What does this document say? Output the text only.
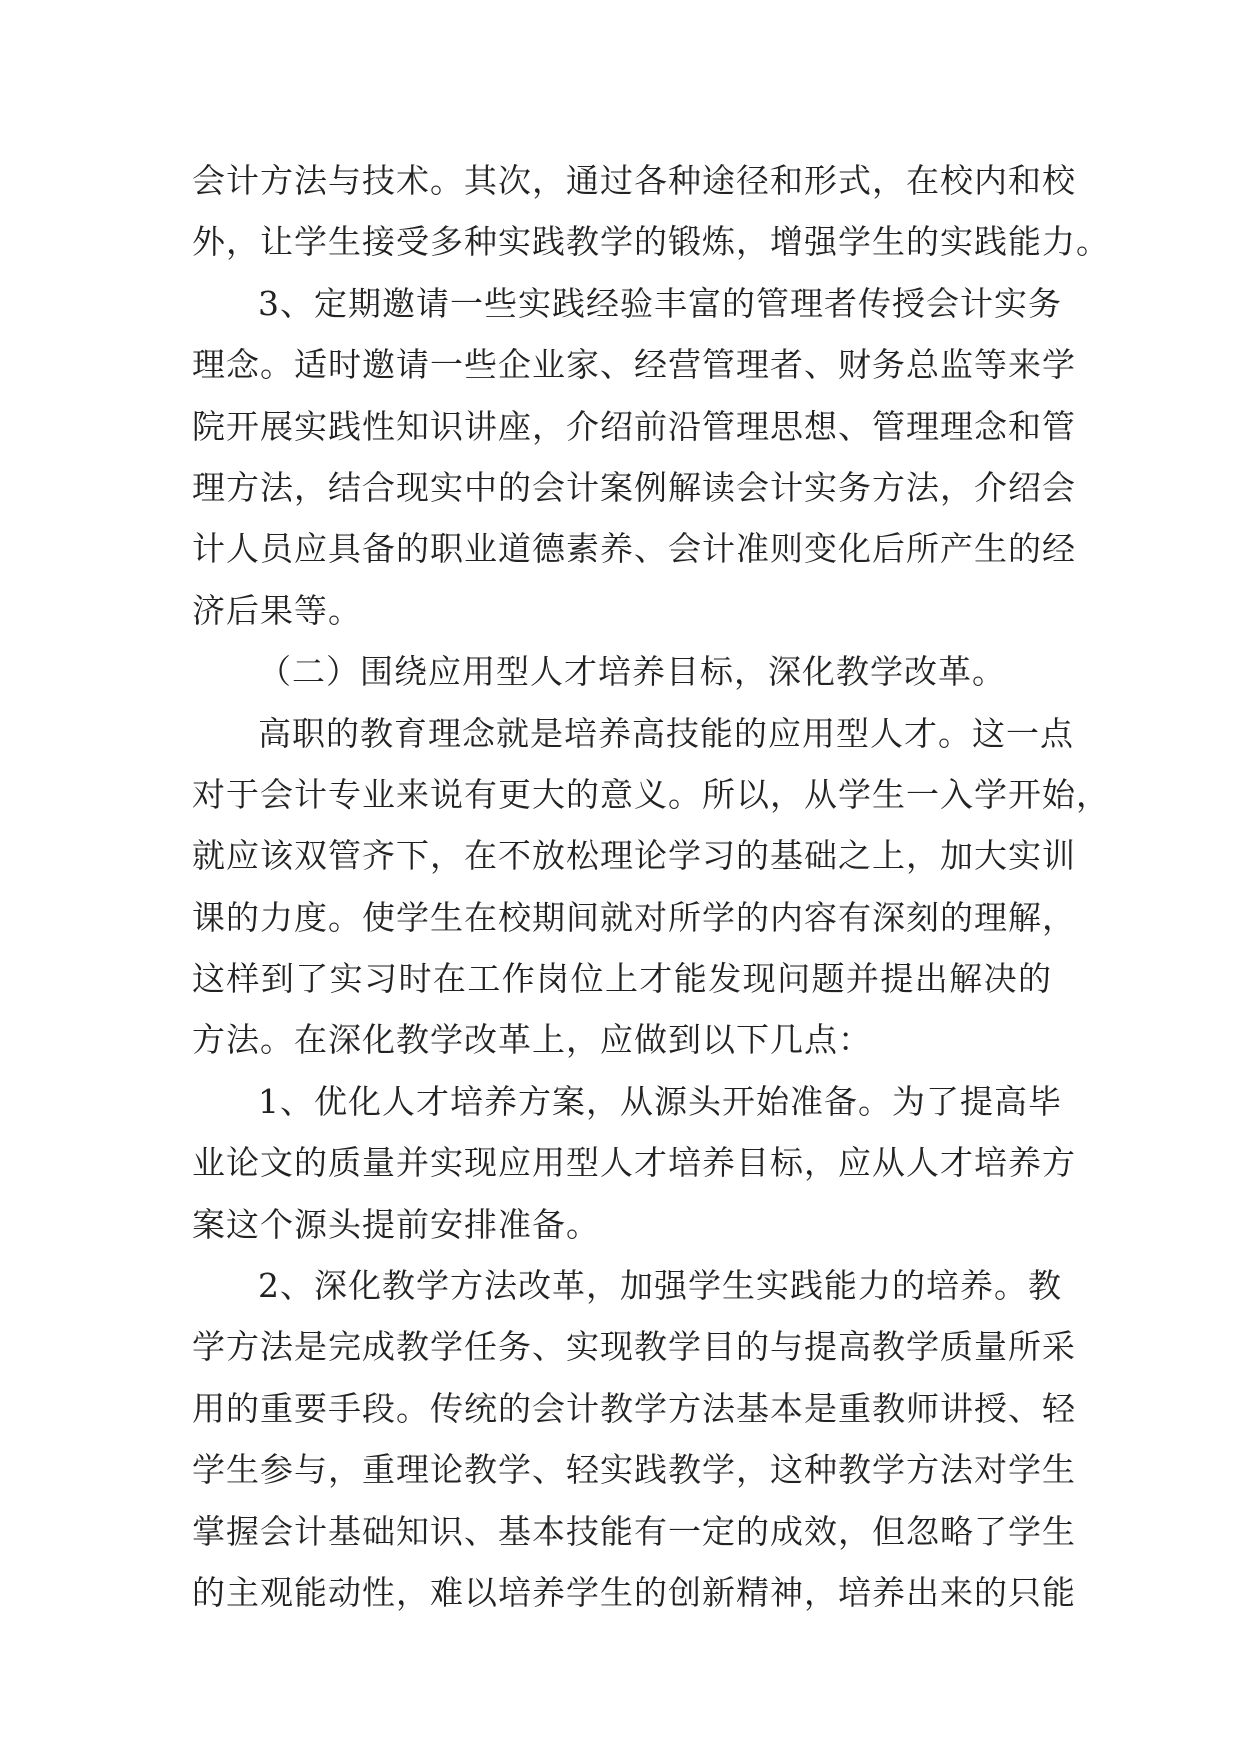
会计方法与技术。其次，通过各种途径和形式，在校内和校
外，让学生接受多种实践教学的锻炼，增强学生的实践能力。
3、定期邀请一些实践经验丰富的管理者传授会计实务
理念。适时邀请一些企业家、经营管理者、财务总监等来学
院开展实践性知识讲座，介绍前沿管理思想、管理理念和管
理方法，结合现实中的会计案例解读会计实务方法，介绍会
计人员应具备的职业道德素养、会计准则变化后所产生的经
济后果等。
（二）围绕应用型人才培养目标，深化教学改革。
高职的教育理念就是培养高技能的应用型人才。这一点
对于会计专业来说有更大的意义。所以，从学生一入学开始，
就应该双管齐下，在不放松理论学习的基础之上，加大实训
课的力度。使学生在校期间就对所学的内容有深刻的理解，
这样到了实习时在工作岗位上才能发现问题并提出解决的
方法。在深化教学改革上，应做到以下几点：
1、优化人才培养方案，从源头开始准备。为了提高毕
业论文的质量并实现应用型人才培养目标，应从人才培养方
案这个源头提前安排准备。
2、深化教学方法改革，加强学生实践能力的培养。教
学方法是完成教学任务、实现教学目的与提高教学质量所采
用的重要手段。传统的会计教学方法基本是重教师讲授、轻
学生参与，重理论教学、轻实践教学，这种教学方法对学生
掌握会计基础知识、基本技能有一定的成效，但忽略了学生
的主观能动性，难以培养学生的创新精神，培养出来的只能
